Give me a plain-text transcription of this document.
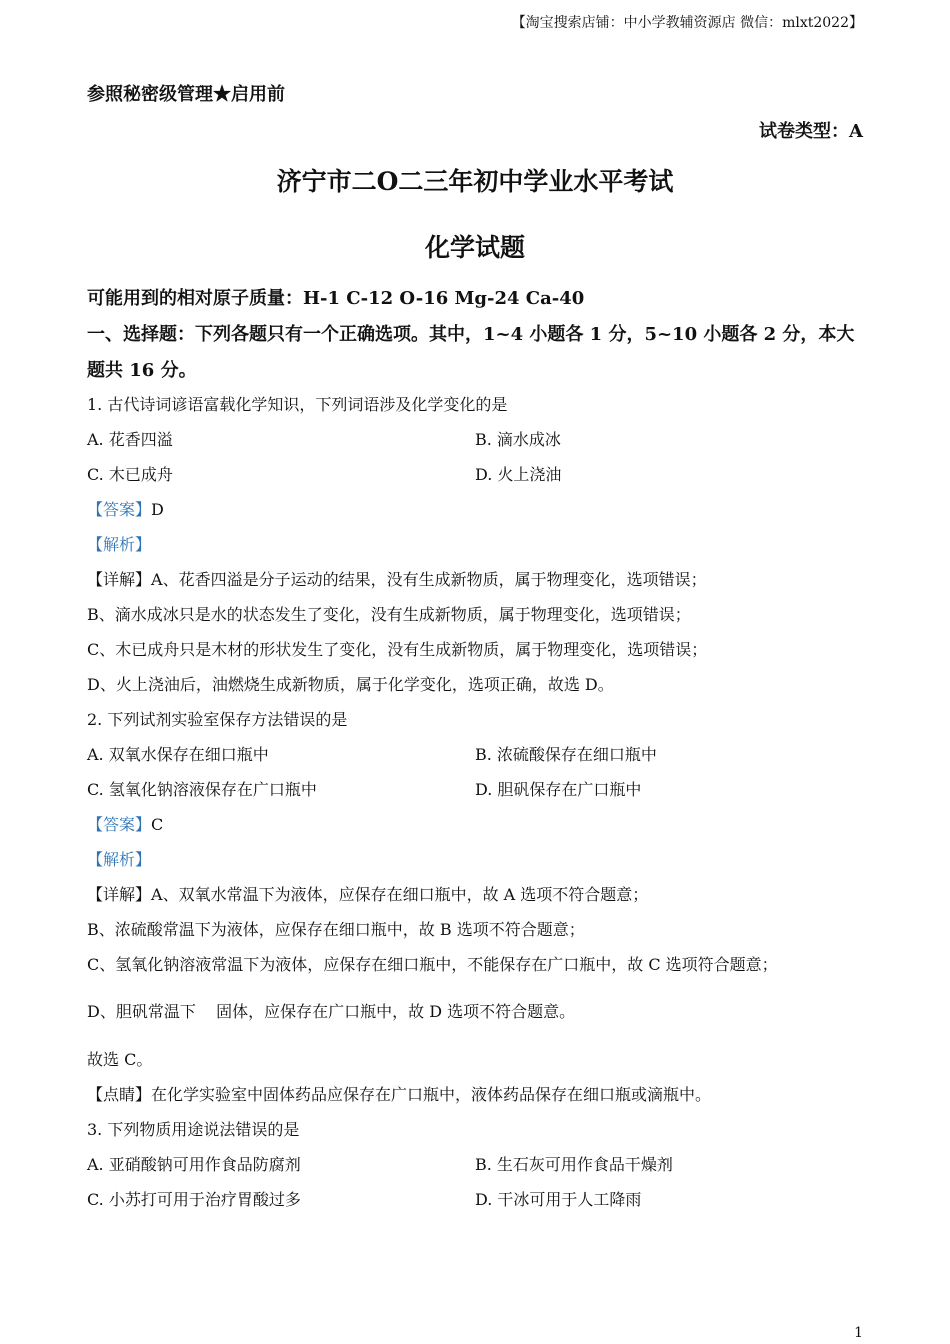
【淘宝搜索店铺：中小学教辅资源店 微信：mlxt2022】
参照秘密级管理★启用前
试卷类型：A
济宁市二O二三年初中学业水平考试
化学试题
可能用到的相对原子质量：H-1 C-12 O-16 Mg-24 Ca-40
一、选择题：下列各题只有一个正确选项。其中，1~4 小题各 1 分，5~10 小题各 2 分，本大
题共 16 分。
1. 古代诗词谚语富载化学知识，下列词语涉及化学变化的是
A. 花香四溢	B. 滴水成冰
C. 木已成舟	D. 火上浇油
【答案】D
【解析】
【详解】A、花香四溢是分子运动的结果，没有生成新物质，属于物理变化，选项错误；
B、滴水成冰只是水的状态发生了变化，没有生成新物质，属于物理变化，选项错误；
C、木已成舟只是木材的形状发生了变化，没有生成新物质，属于物理变化，选项错误；
D、火上浇油后，油燃烧生成新物质，属于化学变化，选项正确，故选 D。
2. 下列试剂实验室保存方法错误的是
A. 双氧水保存在细口瓶中	B. 浓硫酸保存在细口瓶中
C. 氢氧化钠溶液保存在广口瓶中	D. 胆矾保存在广口瓶中
【答案】C
【解析】
【详解】A、双氧水常温下为液体，应保存在细口瓶中，故 A 选项不符合题意；
B、浓硫酸常温下为液体，应保存在细口瓶中，故 B 选项不符合题意；
C、氢氧化钠溶液常温下为液体，应保存在细口瓶中，不能保存在广口瓶中，故 C 选项符合题意；
D、胆矾常温下    固体，应保存在广口瓶中，故 D 选项不符合题意。
故选 C。
【点睛】在化学实验室中固体药品应保存在广口瓶中，液体药品保存在细口瓶或滴瓶中。
3. 下列物质用途说法错误的是
A. 亚硝酸钠可用作食品防腐剂	B. 生石灰可用作食品干燥剂
C. 小苏打可用于治疗胃酸过多	D. 干冰可用于人工降雨
1
